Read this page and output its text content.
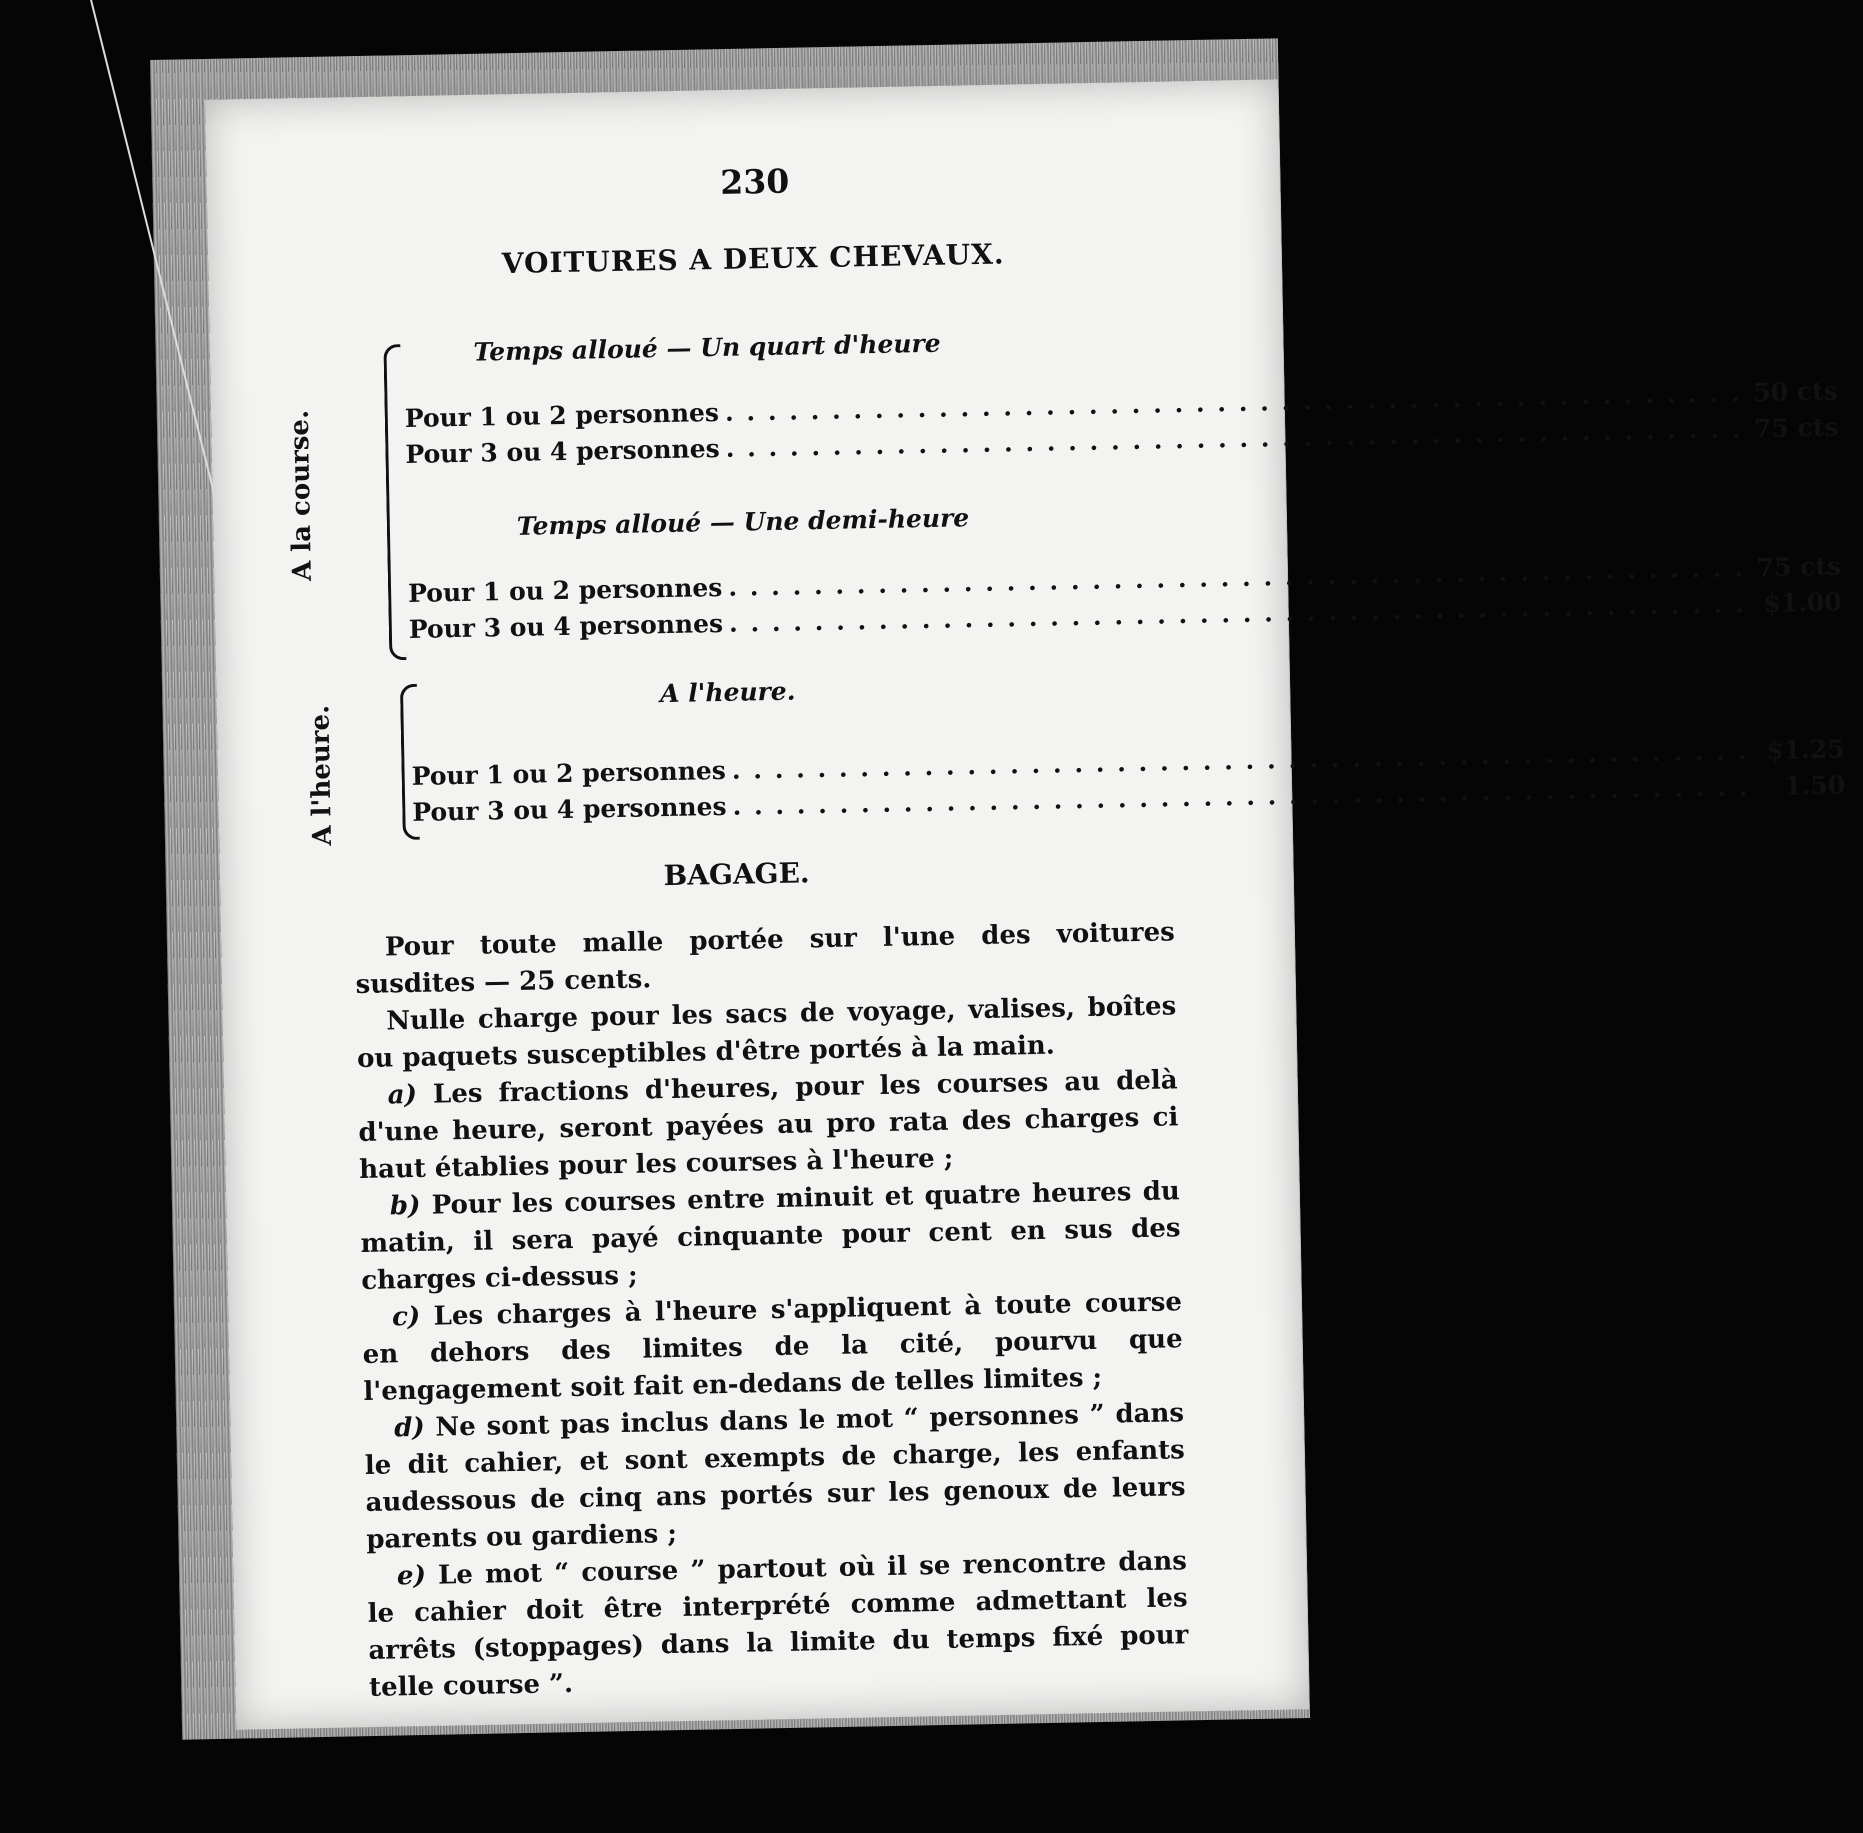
230
VOITURES A DEUX CHEVAUX.
A la course.
Temps alloué — Un quart d'heure
Pour 1 ou 2 personnes . . . . . . . . . . . . . . . . . . . . . . . . . . . . . . . . . . . . . . . . . . . . . . . . 50 cts
Pour 3 ou 4 personnes . . . . . . . . . . . . . . . . . . . . . . . . . . . . . . . . . . . . . . . . . . . . . . . . 75 cts
Temps alloué — Une demi-heure
Pour 1 ou 2 personnes . . . . . . . . . . . . . . . . . . . . . . . . . . . . . . . . . . . . . . . . . . . . . . . . 75 cts
Pour 3 ou 4 personnes . . . . . . . . . . . . . . . . . . . . . . . . . . . . . . . . . . . . . . . . . . . . . . . . $1.00
A l'heure.
A l'heure.
Pour 1 ou 2 personnes . . . . . . . . . . . . . . . . . . . . . . . . . . . . . . . . . . . . . . . . . . . . . . . . $1.25
Pour 3 ou 4 personnes . . . . . . . . . . . . . . . . . . . . . . . . . . . . . . . . . . . . . . . . . . . . . . . .	1.50
BAGAGE.

Pour toute malle portée sur l'une des voitures susdites — 25 cents.

Nulle charge pour les sacs de voyage, valises, boîtes ou paquets susceptibles d'être portés à la main.

a) Les fractions d'heures, pour les courses au delà d'une heure, seront payées au pro rata des charges ci haut établies pour les courses à l'heure ;

b) Pour les courses entre minuit et quatre heures du matin, il sera payé cinquante pour cent en sus des charges ci-dessus ;

c) Les charges à l'heure s'appliquent à toute course en dehors des limites de la cité, pourvu que l'engagement soit fait en-dedans de telles limites ;

d) Ne sont pas inclus dans le mot “ personnes ” dans le dit cahier, et sont exempts de charge, les enfants audessous de cinq ans portés sur les genoux de leurs parents ou gardiens ;

e) Le mot “ course ” partout où il se rencontre dans le cahier doit être interprété comme admettant les arrêts (stoppages) dans la limite du temps fixé pour telle course ”.
